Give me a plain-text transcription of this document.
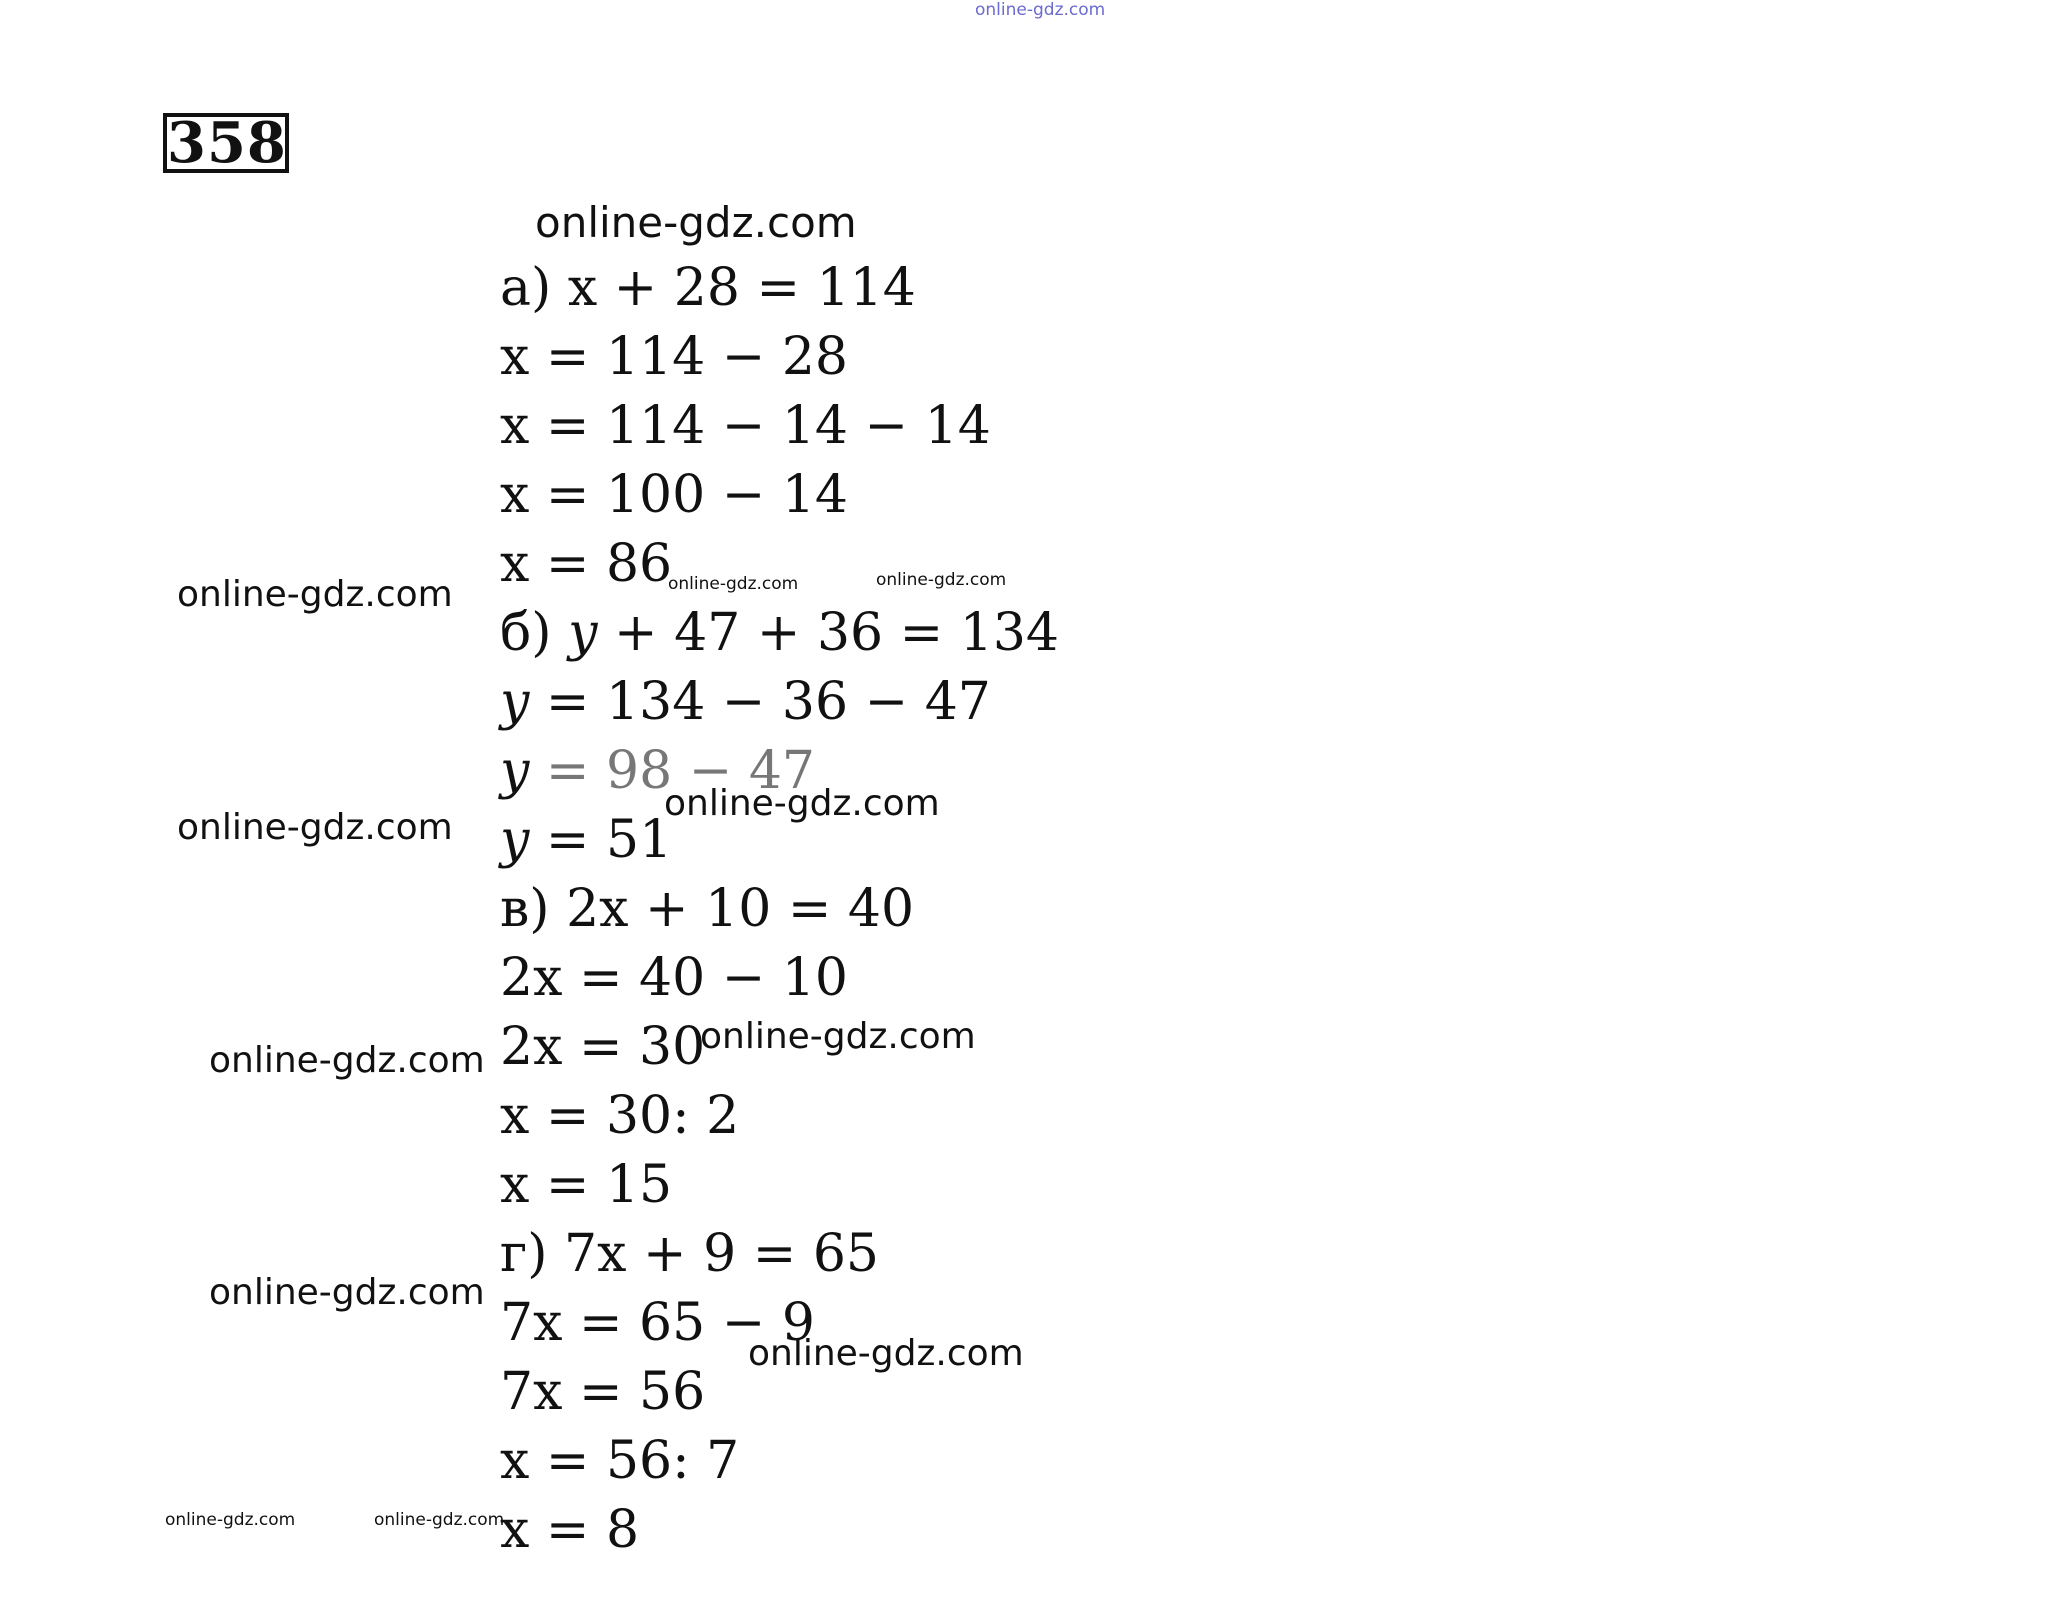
online-gdz.com
358
online-gdz.com
а) x + 28 = 114
x = 114 − 28
x = 114 − 14 − 14
x = 100 − 14
x = 86
б) y + 47 + 36 = 134
y = 134 − 36 − 47
y = 98 − 47
y = 51
в) 2x + 10 = 40
2x = 40 − 10
2x = 30
x = 30: 2
x = 15
г) 7x + 9 = 65
7x = 65 − 9
7x = 56
x = 56: 7
x = 8
online-gdz.com	online-gdz.com	online-gdz.com
online-gdz.com
online-gdz.com
online-gdz.com
online-gdz.com
online-gdz.com
online-gdz.com
online-gdz.com	online-gdz.com
